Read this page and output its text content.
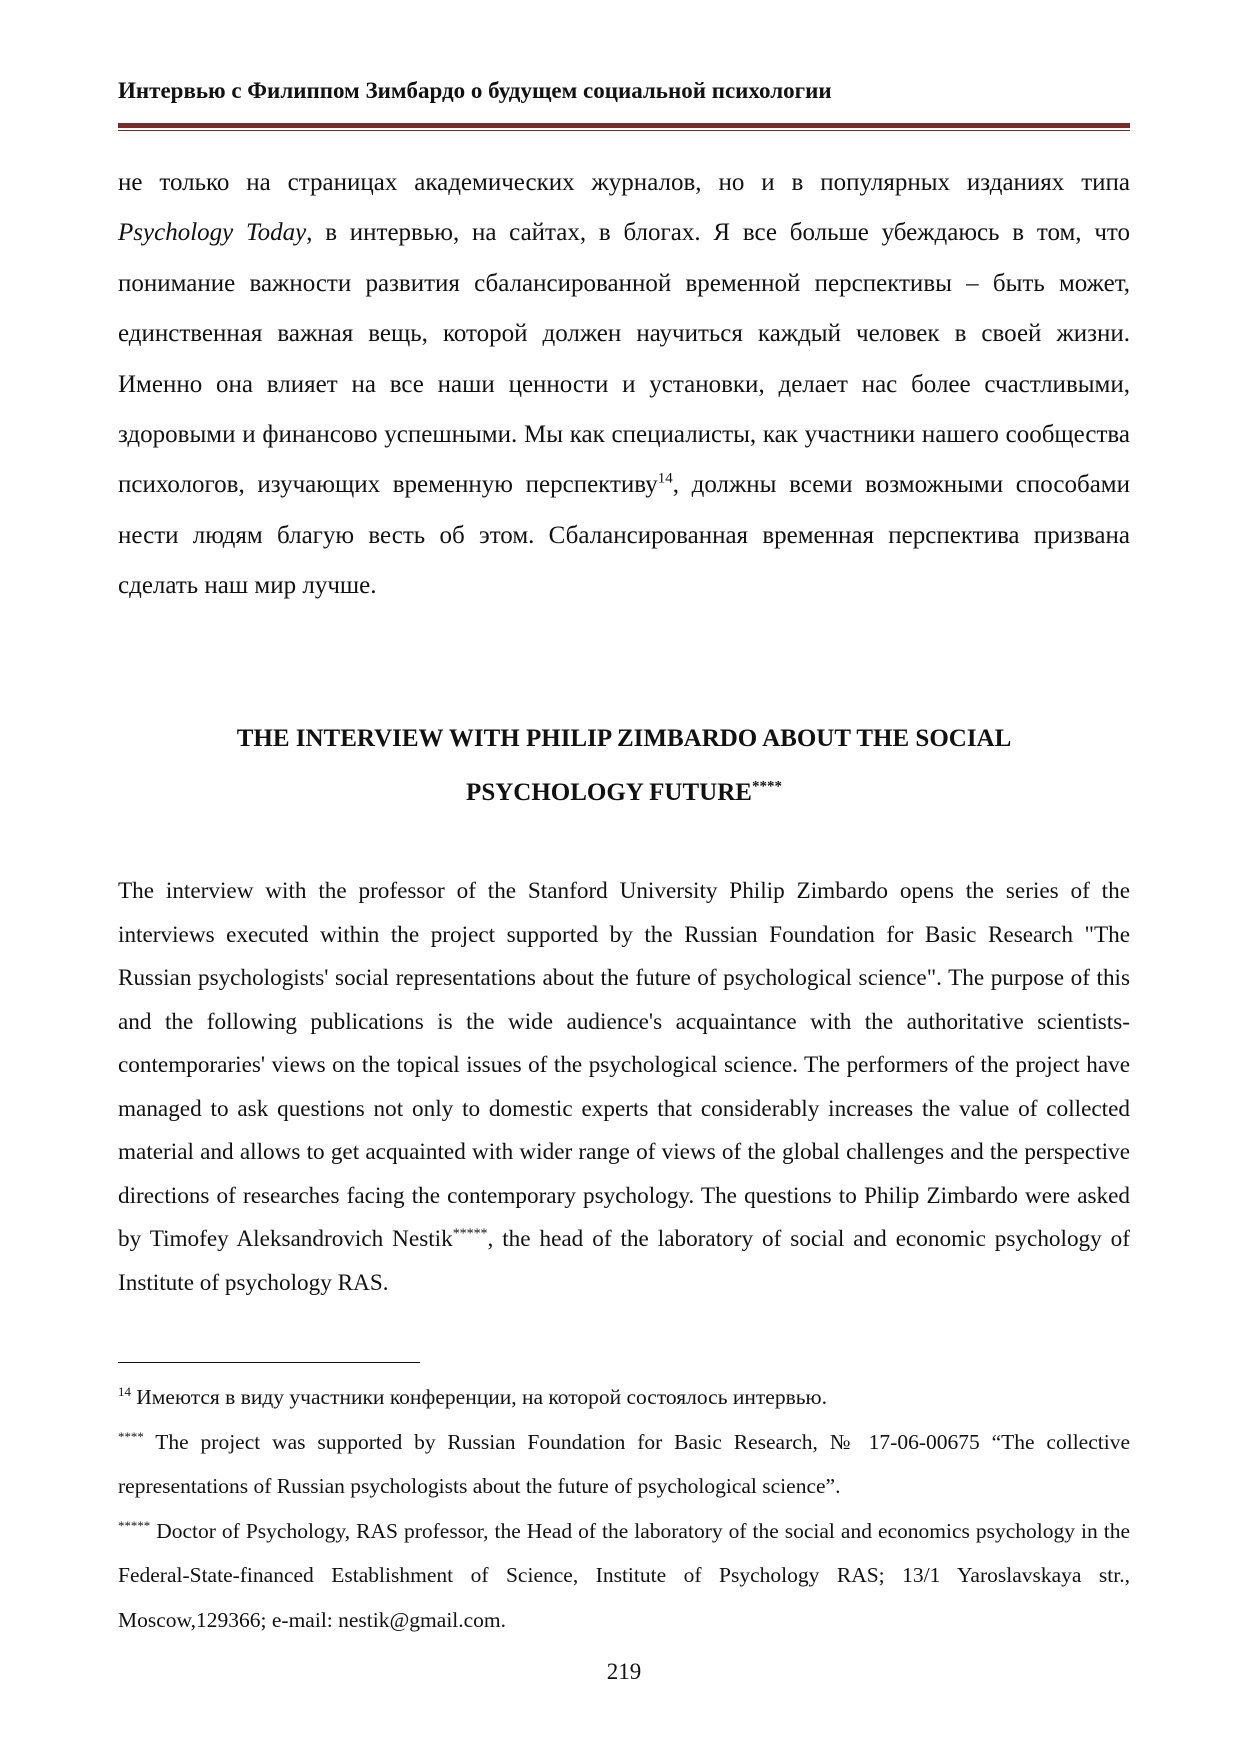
Интервью с Филиппом Зимбардо о будущем социальной психологии

не только на страницах академических журналов, но и в популярных изданиях типа Psychology Today, в интервью, на сайтах, в блогах. Я все больше убеждаюсь в том, что понимание важности развития сбалансированной временной перспективы – быть может, единственная важная вещь, которой должен научиться каждый человек в своей жизни. Именно она влияет на все наши ценности и установки, делает нас более счастливыми, здоровыми и финансово успешными. Мы как специалисты, как участники нашего сообщества психологов, изучающих временную перспективу$^{14}$, должны всеми возможными способами нести людям благую весть об этом. Сбалансированная временная перспектива призвана сделать наш мир лучше.

THE INTERVIEW WITH PHILIP ZIMBARDO ABOUT THE SOCIAL
PSYCHOLOGY FUTURE****

The interview with the professor of the Stanford University Philip Zimbardo opens the series of the interviews executed within the project supported by the Russian Foundation for Basic Research "The Russian psychologists' social representations about the future of psychological science". The purpose of this and the following publications is the wide audience's acquaintance with the authoritative scientists-contemporaries' views on the topical issues of the psychological science. The performers of the project have managed to ask questions not only to domestic experts that considerably increases the value of collected material and allows to get acquainted with wider range of views of the global challenges and the perspective directions of researches facing the contemporary psychology. The questions to Philip Zimbardo were asked by Timofey Aleksandrovich Nestik*****, the head of the laboratory of social and economic psychology of Institute of psychology RAS.

$^{14}$ Имеются в виду участники конференции, на которой состоялось интервью.

**** The project was supported by Russian Foundation for Basic Research, № 17-06-00675 “The collective representations of Russian psychologists about the future of psychological science”.

***** Doctor of Psychology, RAS professor, the Head of the laboratory of the social and economics psychology in the Federal-State-financed Establishment of Science, Institute of Psychology RAS; 13/1 Yaroslavskaya str., Moscow,129366; e-mail: nestik@gmail.com.

219
